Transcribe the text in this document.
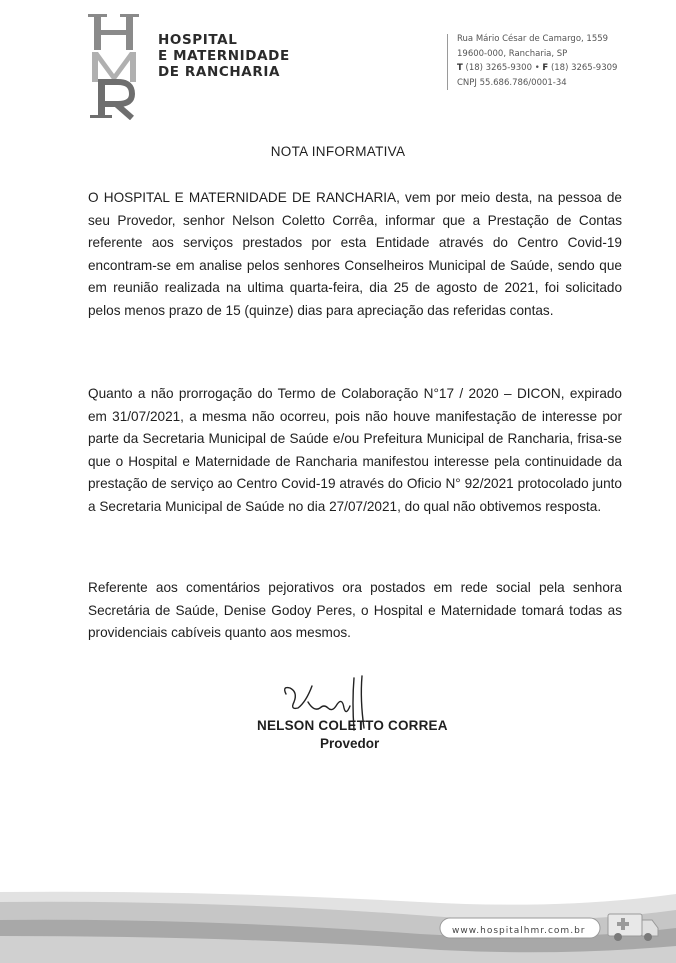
HOSPITAL
E MATERNIDADE
DE RANCHARIA
Rua Mário César de Camargo, 1559
19600-000, Rancharia, SP
T (18) 3265-9300 • F (18) 3265-9309
CNPJ 55.686.786/0001-34
NOTA INFORMATIVA
O HOSPITAL E MATERNIDADE DE RANCHARIA, vem por meio desta, na pessoa de seu Provedor, senhor Nelson Coletto Corrêa, informar que a Prestação de Contas referente aos serviços prestados por esta Entidade através do Centro Covid-19 encontram-se em analise pelos senhores Conselheiros Municipal de Saúde, sendo que em reunião realizada na ultima quarta-feira, dia 25 de agosto de 2021, foi solicitado pelos menos prazo de 15 (quinze) dias para apreciação das referidas contas.
Quanto a não prorrogação do Termo de Colaboração N°17 / 2020 – DICON, expirado em 31/07/2021, a mesma não ocorreu, pois não houve manifestação de interesse por parte da Secretaria Municipal de Saúde e/ou Prefeitura Municipal de Rancharia, frisa-se que o Hospital e Maternidade de Rancharia manifestou interesse pela continuidade da prestação de serviço ao Centro Covid-19 através do Oficio N° 92/2021 protocolado junto a Secretaria Municipal de Saúde no dia 27/07/2021, do qual não obtivemos resposta.
Referente aos comentários pejorativos ora postados em rede social pela senhora Secretária de Saúde, Denise Godoy Peres, o Hospital e Maternidade tomará todas as providenciais cabíveis quanto aos mesmos.
NELSON COLETTO CORREA
Provedor
www.hospitalhmr.com.br
